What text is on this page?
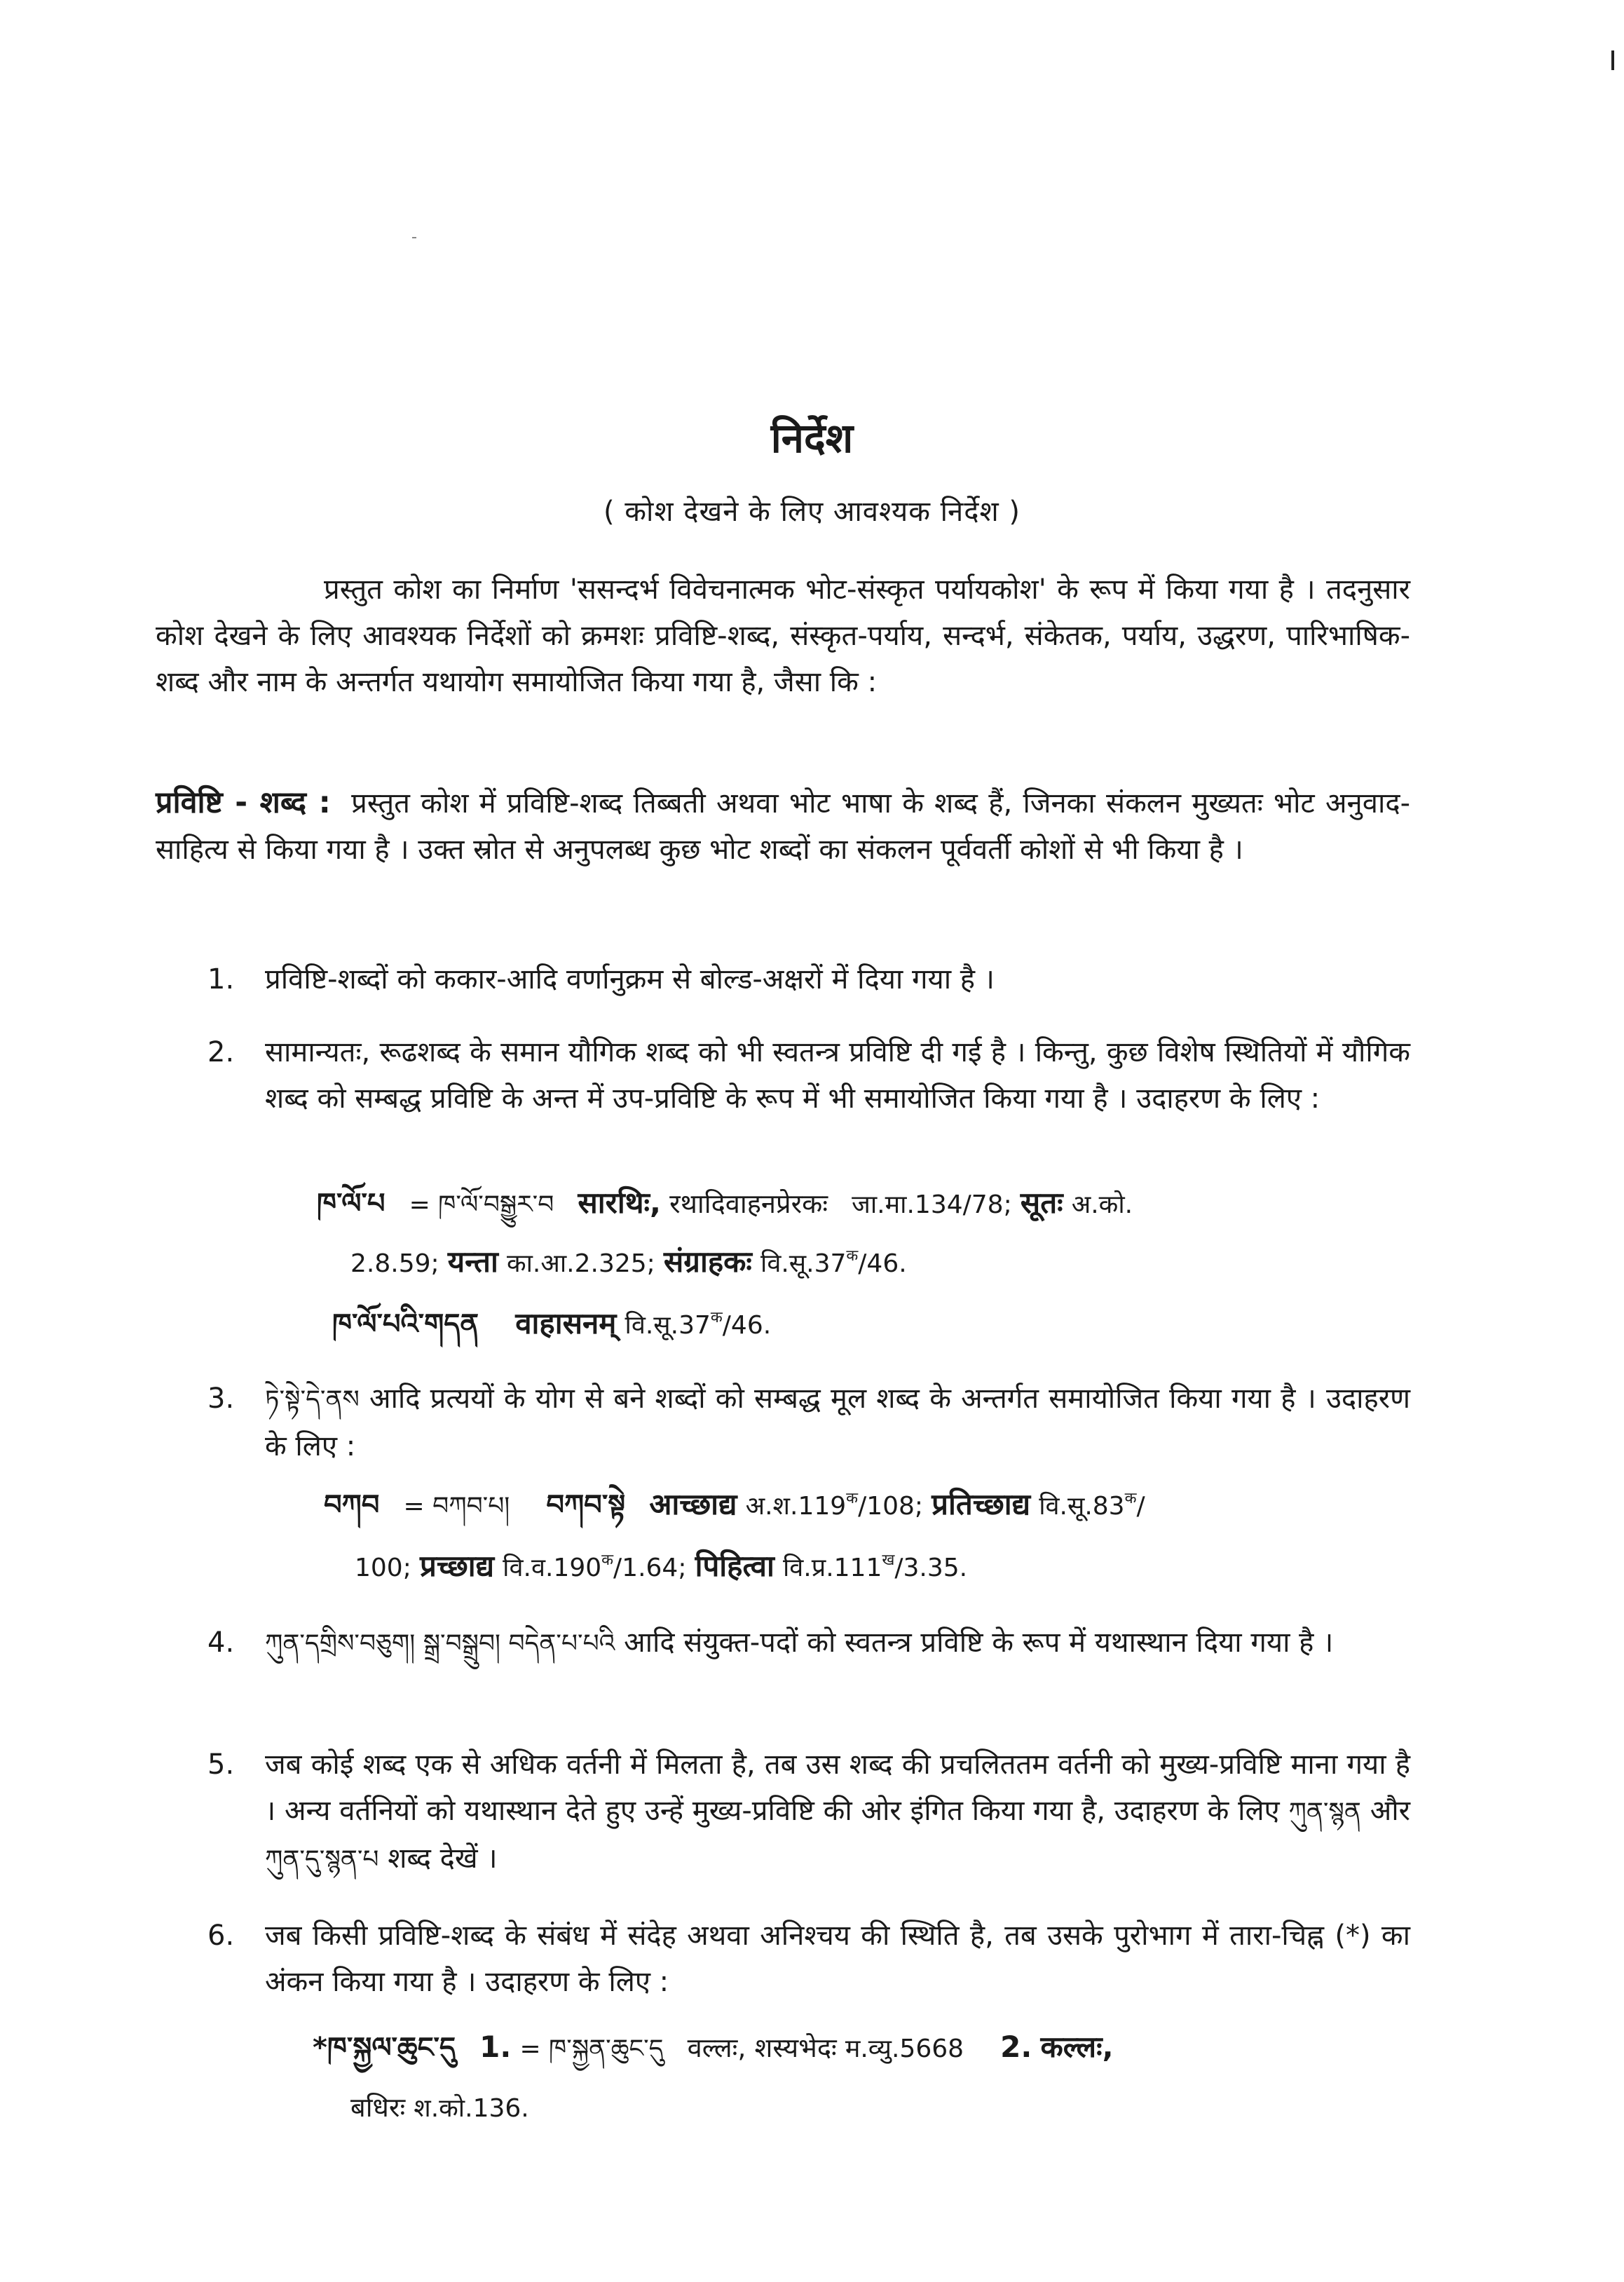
निर्देश
( कोश देखने के लिए आवश्यक निर्देश )
प्रस्तुत कोश का निर्माण 'ससन्दर्भ विवेचनात्मक भोट-संस्कृत पर्यायकोश' के रूप में किया गया है । तदनुसार कोश देखने के लिए आवश्यक निर्देशों को क्रमशः प्रविष्टि-शब्द, संस्कृत-पर्याय, सन्दर्भ, संकेतक, पर्याय, उद्धरण, पारिभाषिक-शब्द और नाम के अन्तर्गत यथायोग समायोजित किया गया है, जैसा कि :
प्रविष्टि - शब्द : प्रस्तुत कोश में प्रविष्टि-शब्द तिब्बती अथवा भोट भाषा के शब्द हैं, जिनका संकलन मुख्यतः भोट अनुवाद-साहित्य से किया गया है । उक्त स्रोत से अनुपलब्ध कुछ भोट शब्दों का संकलन पूर्ववर्ती कोशों से भी किया है ।
1.	प्रविष्टि-शब्दों को ककार-आदि वर्णानुक्रम से बोल्ड-अक्षरों में दिया गया है ।
2.	सामान्यतः, रूढशब्द के समान यौगिक शब्द को भी स्वतन्त्र प्रविष्टि दी गई है । किन्तु, कुछ विशेष स्थितियों में यौगिक शब्द को सम्बद्ध प्रविष्टि के अन्त में उप-प्रविष्टि के रूप में भी समायोजित किया गया है । उदाहरण के लिए :
ཁ་ལོ་པ = ཁ་ལོ་བསྒྱུར་བ सारथिः, रथादिवाहनप्रेरकः जा.मा.134/78; सूतः अ.को.
2.8.59; यन्ता का.आ.2.325; संग्राहकः $वि.सू.37^क/46$.
ཁ་ལོ་པའི་གདན वाहासनम् $वि.सू.37^क/46$.
3.	ཏེ་སྟེ་དེ་ནས आदि प्रत्ययों के योग से बने शब्दों को सम्बद्ध मूल शब्द के अन्तर्गत समायोजित किया गया है । उदाहरण के लिए :
བཀབ = བཀབ་པ། བཀབ་སྟེ आच्छाद्य $अ.श.119^क/108$; प्रतिच्छाद्य $वि.सू.83^क/$
100; प्रच्छाद्य $वि.व.190^क/1.64$; पिहित्वा $वि.प्र.111^ख/3.35$.
4.	ཀུན་དགྲིས་བཅུག། སྒྲ་བསྒྲུབ། བདེན་པ་པའི आदि संयुक्त-पदों को स्वतन्त्र प्रविष्टि के रूप में यथास्थान दिया गया है ।
5.	जब कोई शब्द एक से अधिक वर्तनी में मिलता है, तब उस शब्द की प्रचलिततम वर्तनी को मुख्य-प्रविष्टि माना गया है । अन्य वर्तनियों को यथास्थान देते हुए उन्हें मुख्य-प्रविष्टि की ओर इंगित किया गया है, उदाहरण के लिए ཀུན་སྙན और ཀུན་དུ་སྙན་པ शब्द देखें ।
6.	जब किसी प्रविष्टि-शब्द के संबंध में संदेह अथवा अनिश्चय की स्थिति है, तब उसके पुरोभाग में तारा-चिह्न (*) का अंकन किया गया है । उदाहरण के लिए :
*ཁ་སྐྱལ་ཆུང་དུ 1. = ཁ་སྐྱན་ཆུང་དུ वल्लः, शस्यभेदः म.व्यु.5668 2. कल्लः,
बधिरः श.को.136.
